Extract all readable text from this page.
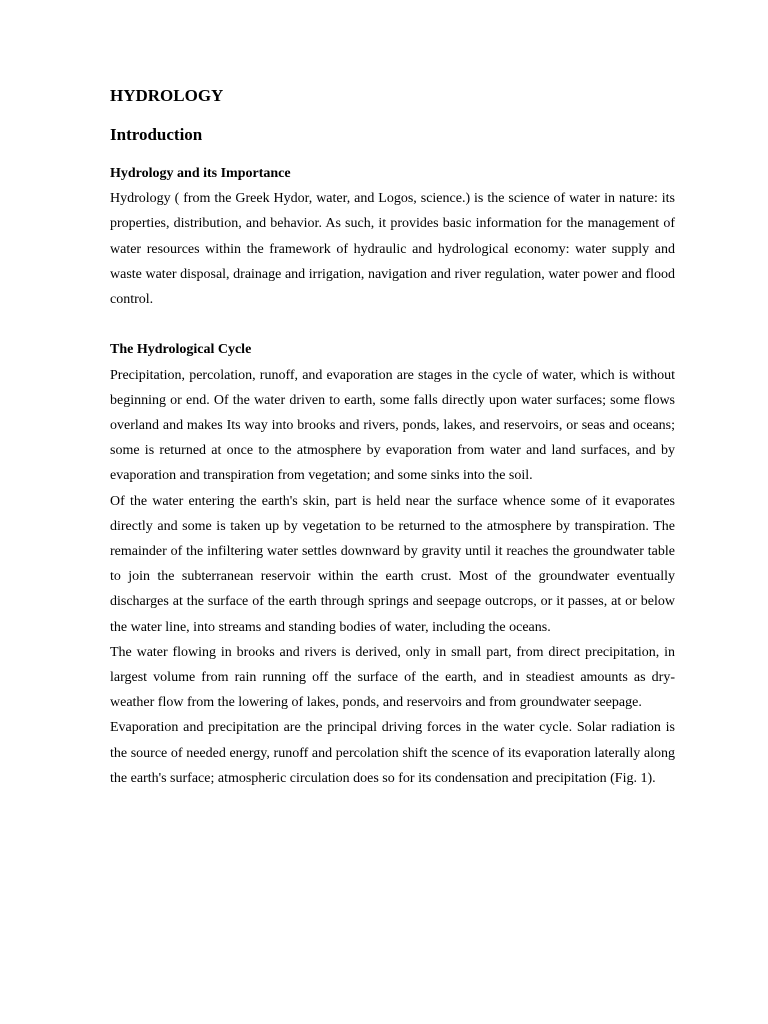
HYDROLOGY
Introduction
Hydrology and its Importance

Hydrology ( from the Greek Hydor, water, and Logos, science.) is the science of water in nature: its properties, distribution, and behavior. As such, it provides basic information for the management of water resources within the framework of hydraulic and hydrological economy: water supply and waste water disposal, drainage and irrigation, navigation and river regulation, water power and flood control.

The Hydrological Cycle

Precipitation, percolation, runoff, and evaporation are stages in the cycle of water, which is without beginning or end. Of the water driven to earth, some falls directly upon water surfaces; some flows overland and makes Its way into brooks and rivers, ponds, lakes, and reservoirs, or seas and oceans; some is returned at once to the atmosphere by evaporation from water and land surfaces, and by evaporation and transpiration from vegetation; and some sinks into the soil.

Of the water entering the earth's skin, part is held near the surface whence some of it evaporates directly and some is taken up by vegetation to be returned to the atmosphere by transpiration. The remainder of the infiltering water settles downward by gravity until it reaches the groundwater table to join the subterranean reservoir within the earth crust. Most of the groundwater eventually discharges at the surface of the earth through springs and seepage outcrops, or it passes, at or below the water line, into streams and standing bodies of water, including the oceans.

The water flowing in brooks and rivers is derived, only in small part, from direct precipitation, in largest volume from rain running off the surface of the earth, and in steadiest amounts as dry-weather flow from the lowering of lakes, ponds, and reservoirs and from groundwater seepage.

Evaporation and precipitation are the principal driving forces in the water cycle. Solar radiation is the source of needed energy, runoff and percolation shift the scence of its evaporation laterally along the earth's surface; atmospheric circulation does so for its condensation and precipitation (Fig. 1).
